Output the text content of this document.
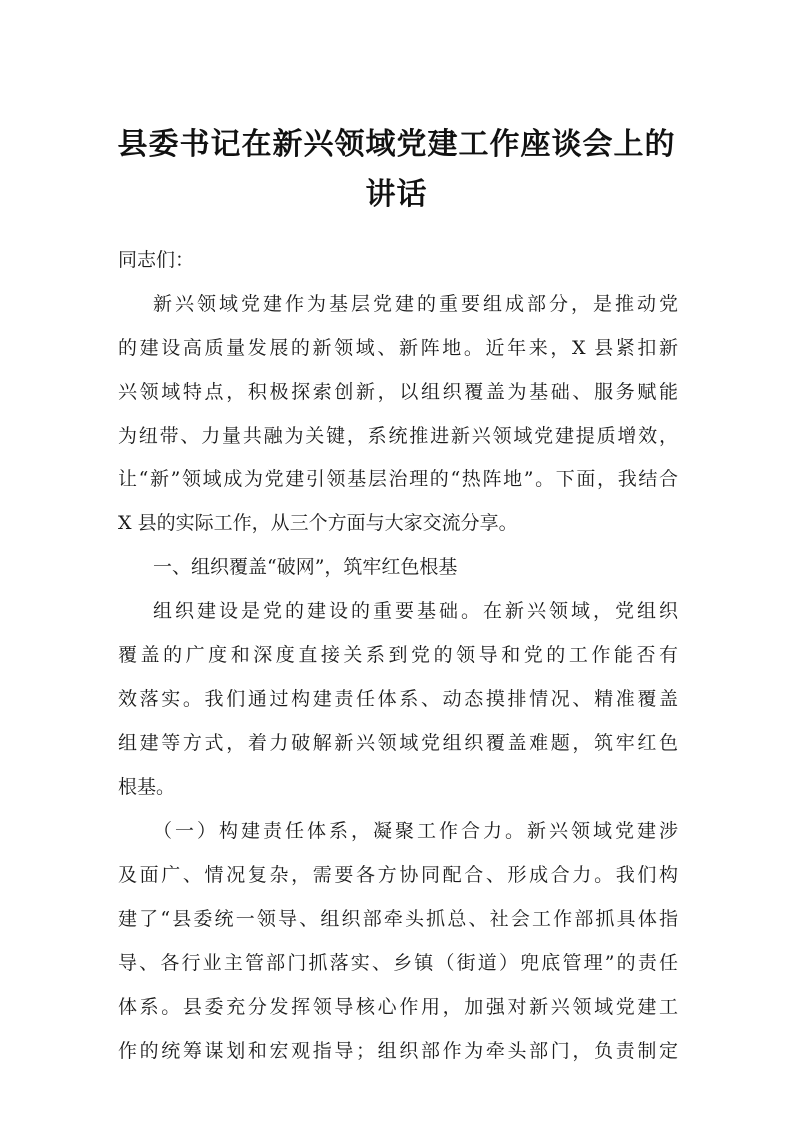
县委书记在新兴领域党建工作座谈会上的
讲话
同志们：
新兴领域党建作为基层党建的重要组成部分，是推动党
的建设高质量发展的新领域、新阵地。近年来，X 县紧扣新
兴领域特点，积极探索创新，以组织覆盖为基础、服务赋能
为纽带、力量共融为关键，系统推进新兴领域党建提质增效，
让“新”领域成为党建引领基层治理的“热阵地”。下面，我结合
X 县的实际工作，从三个方面与大家交流分享。
一、组织覆盖“破网”，筑牢红色根基
组织建设是党的建设的重要基础。在新兴领域，党组织
覆盖的广度和深度直接关系到党的领导和党的工作能否有
效落实。我们通过构建责任体系、动态摸排情况、精准覆盖
组建等方式，着力破解新兴领域党组织覆盖难题，筑牢红色
根基。
（一）构建责任体系，凝聚工作合力。新兴领域党建涉
及面广、情况复杂，需要各方协同配合、形成合力。我们构
建了“县委统一领导、组织部牵头抓总、社会工作部抓具体指
导、各行业主管部门抓落实、乡镇（街道）兜底管理”的责任
体系。县委充分发挥领导核心作用，加强对新兴领域党建工
作的统筹谋划和宏观指导；组织部作为牵头部门，负责制定
